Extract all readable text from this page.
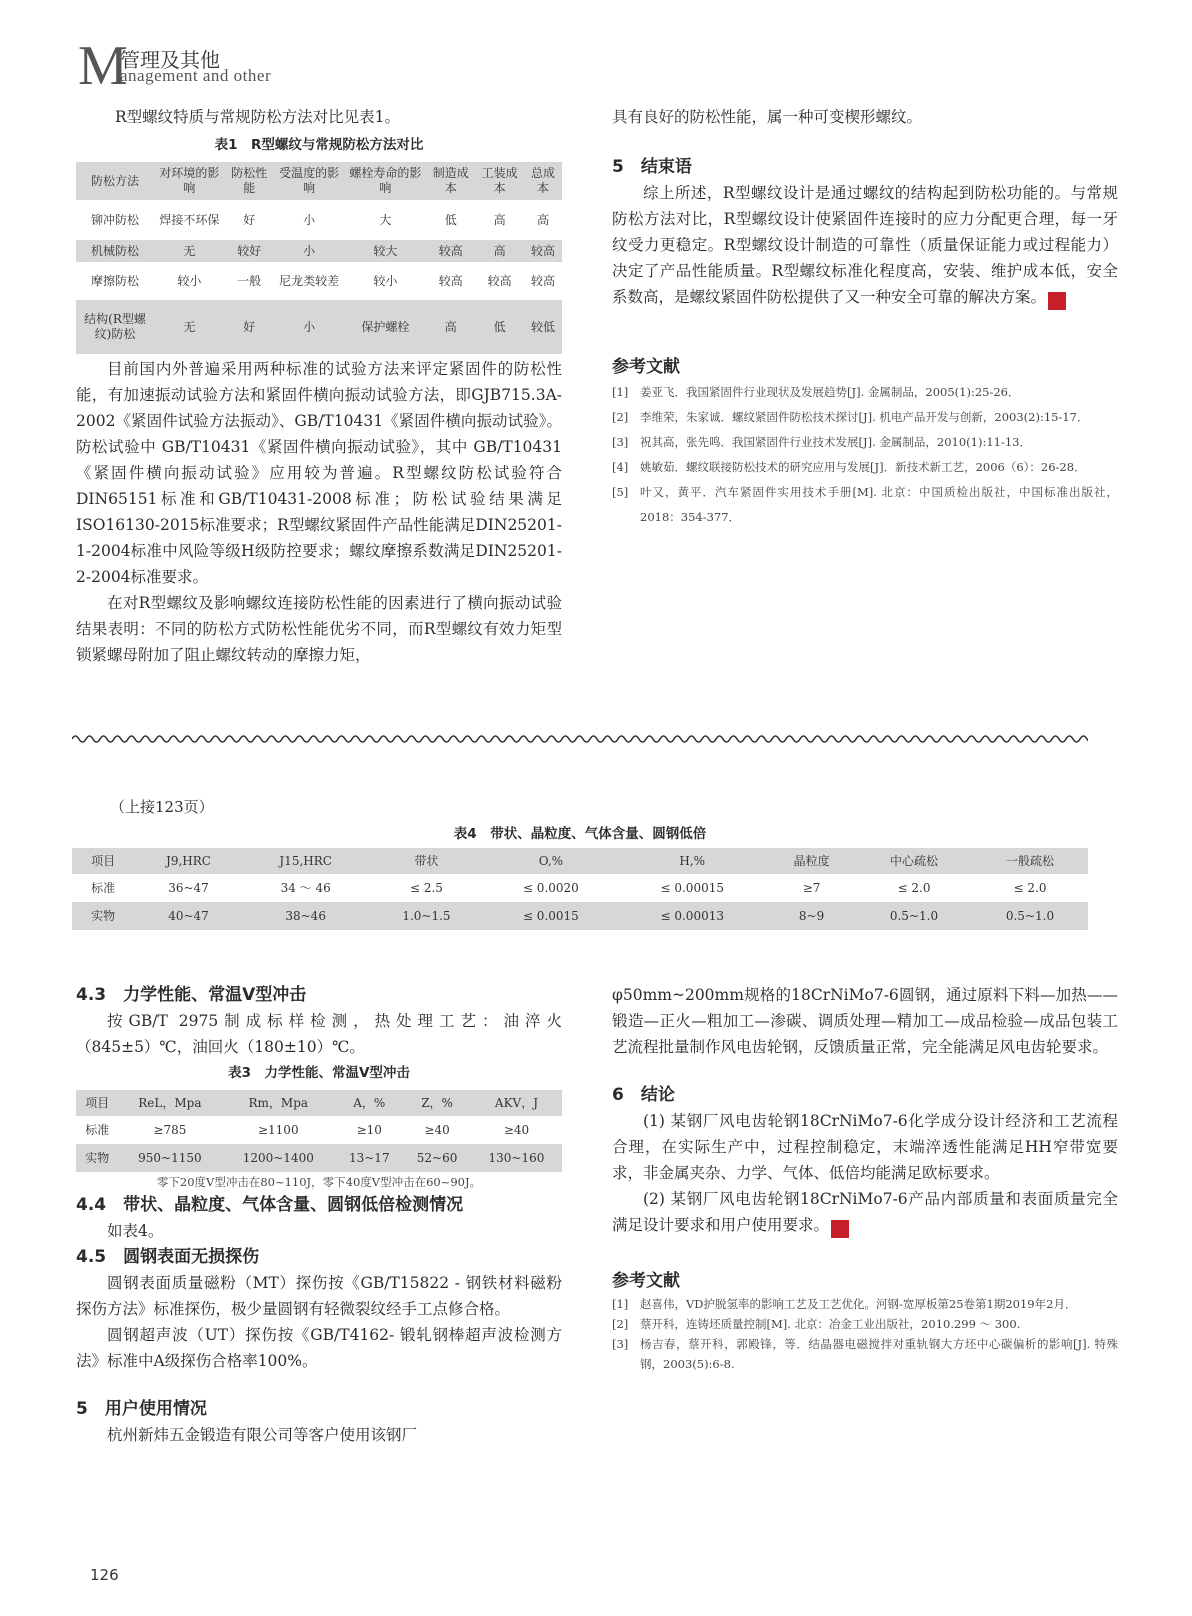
M
管理及其他
anagement and other

R型螺纹特质与常规防松方法对比见表1。

表1　R型螺纹与常规防松方法对比

防松方法	对环境的影响	防松性能	受温度的影响	螺栓寿命的影响	制造成本	工装成本	总成本
铆冲防松	焊接不环保	好	小	大	低	高	高
机械防松	无	较好	小	较大	较高	高	较高
摩擦防松	较小	一般	尼龙类较差	较小	较高	较高	较高
结构(R型螺纹)防松	无	好	小	保护螺栓	高	低	较低

目前国内外普遍采用两种标准的试验方法来评定紧固件的防松性能，有加速振动试验方法和紧固件横向振动试验方法，即GJB715.3A-2002《紧固件试验方法振动》、GB/T10431《紧固件横向振动试验》。防松试验中 GB/T10431《紧固件横向振动试验》，其中 GB/T10431《紧固件横向振动试验》应用较为普遍。R型螺纹防松试验符合DIN65151标准和GB/T10431-2008标准；防松试验结果满足ISO16130-2015标准要求；R型螺纹紧固件产品性能满足DIN25201-1-2004标准中风险等级H级防控要求；螺纹摩擦系数满足DIN25201-2-2004标准要求。

在对R型螺纹及影响螺纹连接防松性能的因素进行了横向振动试验结果表明：不同的防松方式防松性能优劣不同，而R型螺纹有效力矩型锁紧螺母附加了阻止螺纹转动的摩擦力矩，

具有良好的防松性能，属一种可变楔形螺纹。

5　结束语

综上所述，R型螺纹设计是通过螺纹的结构起到防松功能的。与常规防松方法对比，R型螺纹设计使紧固件连接时的应力分配更合理，每一牙纹受力更稳定。R型螺纹设计制造的可靠性（质量保证能力或过程能力）决定了产品性能质量。R型螺纹标准化程度高，安装、维护成本低，安全系数高，是螺纹紧固件防松提供了又一种安全可靠的解决方案。	通

参考文献
[1]	姜亚飞．我国紧固件行业现状及发展趋势[J]. 金属制品，2005(1):25-26．
[2]	李维荣，朱家诚．螺纹紧固件防松技术探讨[J]. 机电产品开发与创新，2003(2):15-17．
[3]	祝其高，张先鸣．我国紧固件行业技术发展[J]. 金属制品，2010(1):11-13．
[4]	姚敏茹．螺纹联接防松技术的研究应用与发展[J]．新技术新工艺，2006（6）：26-28．
[5]	叶又，黄平．汽车紧固件实用技术手册[M]. 北京：中国质检出版社，中国标准出版社，2018：354-377．
（上接123页）

表4　带状、晶粒度、气体含量、圆钢低倍

项目	J9,HRC	J15,HRC	带状	O,%	H,%	晶粒度	中心疏松	一般疏松
标准	36~47	34 ～ 46	≤ 2.5	≤ 0.0020	≤ 0.00015	≥7	≤ 2.0	≤ 2.0
实物	40~47	38~46	1.0~1.5	≤ 0.0015	≤ 0.00013	8~9	0.5~1.0	0.5~1.0

4.3　力学性能、常温Ⅴ型冲击

按GB/T 2975制成标样检测，热处理工艺：油淬火（845±5）℃，油回火（180±10）℃。

表3　力学性能、常温Ⅴ型冲击

项目	ReL，Mpa	Rm，Mpa	A，%	Z，%	AKV，J
标准	≥785	≥1100	≥10	≥40	≥40
实物	950~1150	1200~1400	13~17	52~60	130~160
零下20度Ⅴ型冲击在80~110J，零下40度Ⅴ型冲击在60~90J。

4.4　带状、晶粒度、气体含量、圆钢低倍检测情况

如表4。

4.5　圆钢表面无损探伤

圆钢表面质量磁粉（MT）探伤按《GB/T15822 - 钢铁材料磁粉探伤方法》标准探伤，极少量圆钢有轻微裂纹经手工点修合格。

圆钢超声波（UT）探伤按《GB/T4162- 锻轧钢棒超声波检测方法》标准中A级探伤合格率100%。

5　用户使用情况

杭州新炜五金锻造有限公司等客户使用该钢厂

φ50mm~200mm规格的18CrNiMo7-6圆钢，通过原料下料—加热——锻造—正火—粗加工—渗碳、调质处理—精加工—成品检验—成品包装工艺流程批量制作风电齿轮钢，反馈质量正常，完全能满足风电齿轮要求。

6　结论

(1) 某钢厂风电齿轮钢18CrNiMo7-6化学成分设计经济和工艺流程合理，在实际生产中，过程控制稳定，末端淬透性能满足HH窄带宽要求，非金属夹杂、力学、气体、低倍均能满足欧标要求。

(2) 某钢厂风电齿轮钢18CrNiMo7-6产品内部质量和表面质量完全满足设计要求和用户使用要求。	通

参考文献
[1]	赵喜伟，VD护脱氢率的影响工艺及工艺优化。河钢-宽厚板第25卷第1期2019年2月．
[2]	蔡开科，连铸坯质量控制[M]. 北京：冶金工业出版社，2010.299 ～ 300.
[3]	杨吉春，蔡开科，郭殿锋，等．结晶器电磁搅拌对重轨钢大方坯中心碳偏析的影响[J]. 特殊钢，2003(5):6-8.
126
